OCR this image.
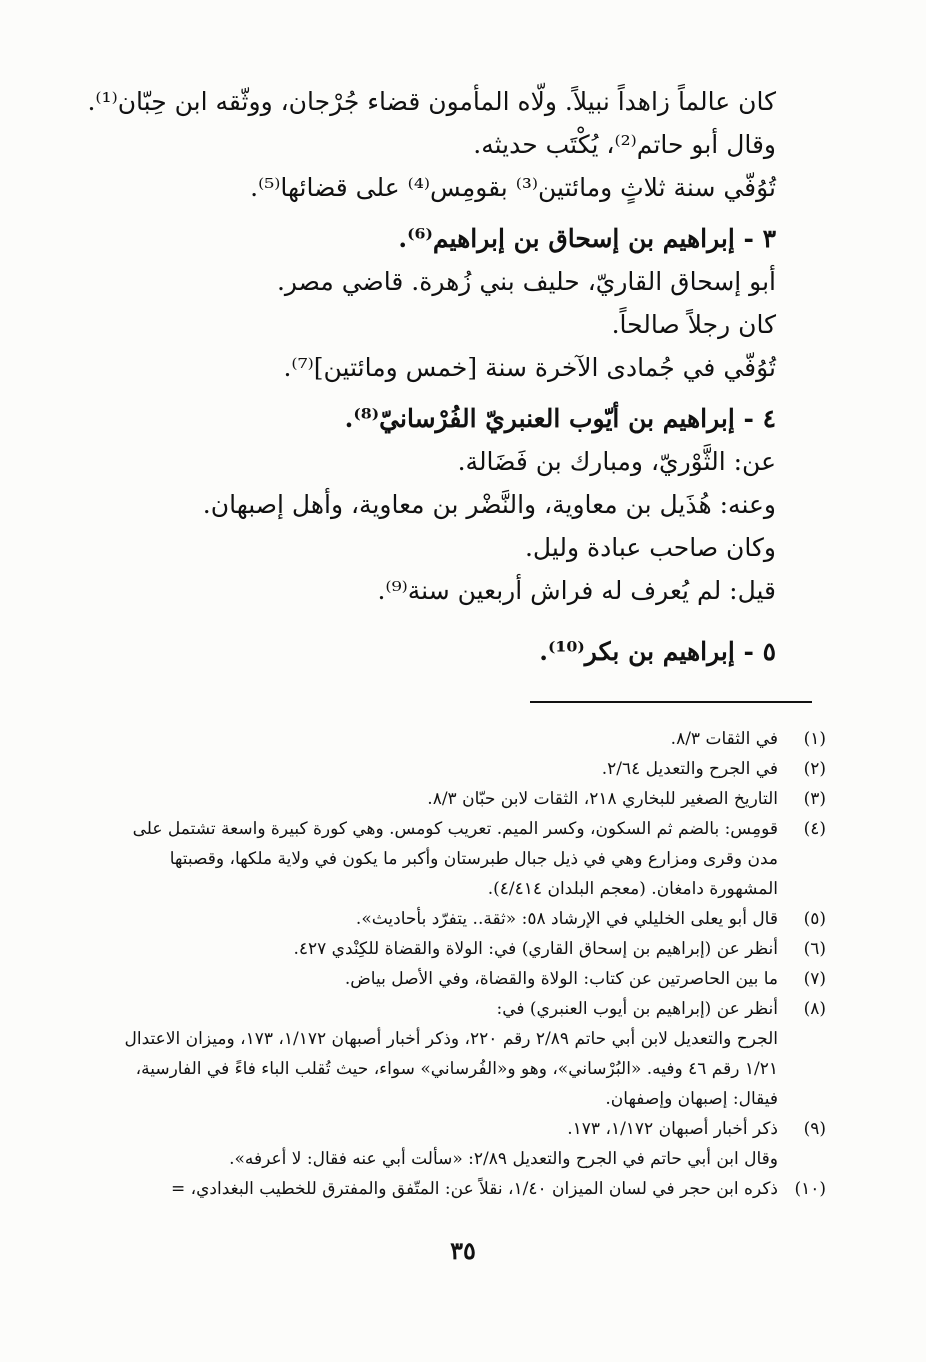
كان عالماً زاهداً نبيلاً. ولّاه المأمون قضاء جُرْجان، ووثّقه ابن حِبّان⁽¹⁾.
وقال أبو حاتم⁽²⁾، يُكْتَب حديثه.
تُوُفّي سنة ثلاثٍ ومائتين⁽³⁾ بقومِس⁽⁴⁾ على قضائها⁽⁵⁾.
٣ - إبراهيم بن إسحاق بن إبراهيم⁽⁶⁾.
أبو إسحاق القاريّ، حليف بني زُهرة. قاضي مصر.
كان رجلاً صالحاً.
تُوُفّي في جُمادى الآخرة سنة [خمس ومائتين]⁽⁷⁾.
٤ - إبراهيم بن أيّوب العنبريّ الفُرْسانيّ⁽⁸⁾.
عن: الثَّوْريّ، ومبارك بن فَضَالة.
وعنه: هُذَيل بن معاوية، والنَّضْر بن معاوية، وأهل إصبهان.
وكان صاحب عبادة وليل.
قيل: لم يُعرف له فراش أربعين سنة⁽⁹⁾.
٥ - إبراهيم بن بكر⁽¹⁰⁾.
(١)
في الثقات ٨/٣.
(٢)
في الجرح والتعديل ٢/٦٤.
(٣)
التاريخ الصغير للبخاري ٢١٨، الثقات لابن حبّان ٨/٣.
(٤)
قومِس: بالضم ثم السكون، وكسر الميم. تعريب كومس. وهي كورة كبيرة واسعة تشتمل على مدن وقرى ومزارع وهي في ذيل جبال طبرستان وأكبر ما يكون في ولاية ملكها، وقصبتها المشهورة دامغان. (معجم البلدان ٤/٤١٤).
(٥)
قال أبو يعلى الخليلي في الإرشاد ٥٨: «ثقة.. يتفرّد بأحاديث».
(٦)
أنظر عن (إبراهيم بن إسحاق القاري) في: الولاة والقضاة للكِنْدي ٤٢٧.
(٧)
ما بين الحاصرتين عن كتاب: الولاة والقضاة، وفي الأصل بياض.
(٨)
أنظر عن (إبراهيم بن أيوب العنبري) في:
الجرح والتعديل لابن أبي حاتم ٢/٨٩ رقم ٢٢٠، وذكر أخبار أصبهان ١/١٧٢، ١٧٣، وميزان الاعتدال ١/٢١ رقم ٤٦ وفيه. «البُرْساني»، وهو و«الفُرساني» سواء، حيث تُقلب الباء فاءً في الفارسية، فيقال: إصبهان وإصفهان.
(٩)
ذكر أخبار أصبهان ١/١٧٢، ١٧٣.
وقال ابن أبي حاتم في الجرح والتعديل ٢/٨٩: «سألت أبي عنه فقال: لا أعرفه».
(١٠)
ذكره ابن حجر في لسان الميزان ١/٤٠، نقلاً عن: المتّفق والمفترق للخطيب البغدادي، =
٣٥
